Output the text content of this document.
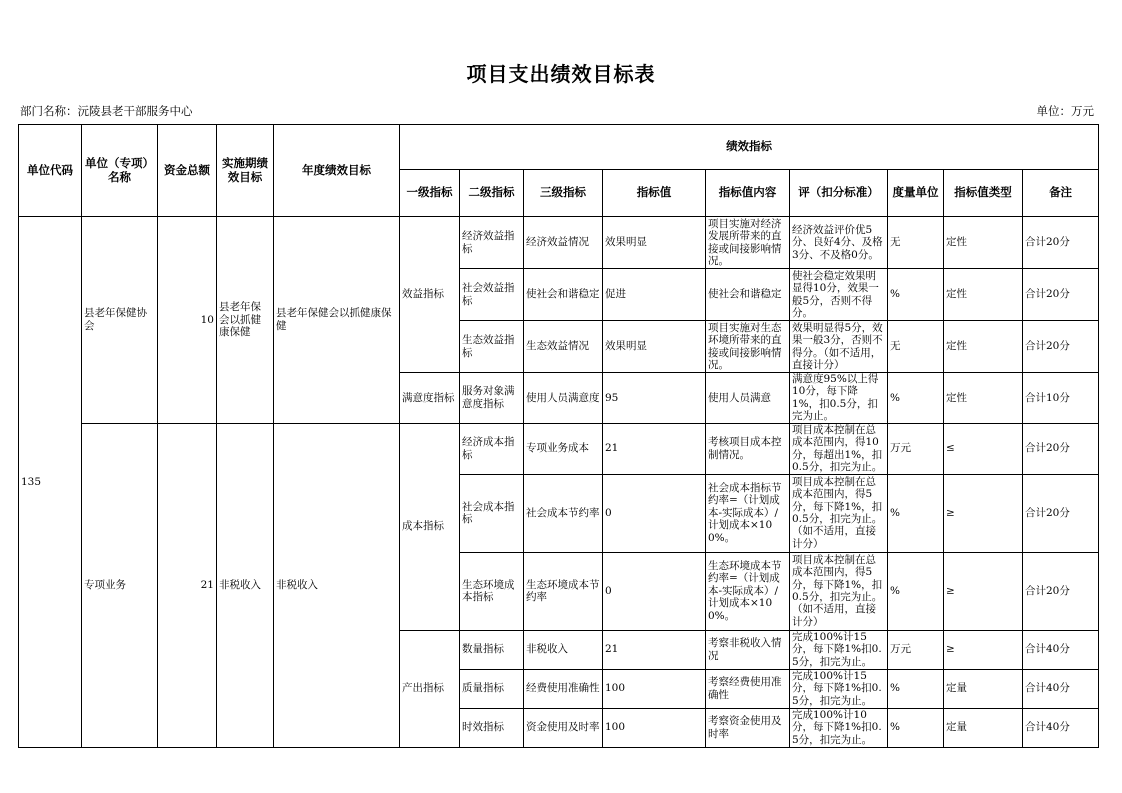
项目支出绩效目标表
部门名称：沅陵县老干部服务中心	单位：万元
单位代码	单位（专项）名称	资金总额	实施期绩效目标	年度绩效目标	绩效指标								
					一级指标	二级指标	三级指标	指标值	指标值内容	评（扣分标准）	度量单位	指标值类型	备注
135	县老年保健协会	10	县老年保会以抓健康保健	县老年保健会以抓健康保健	效益指标	经济效益指标	经济效益情况	效果明显	项目实施对经济发展所带来的直接或间接影响情况。	经济效益评价优5分、良好4分、及格3分、不及格0分。	无	定性	合计20分
						社会效益指标	使社会和谐稳定	促进	使社会和谐稳定	使社会稳定效果明显得10分，效果一般5分，否则不得分。	%	定性	合计20分
						生态效益指标	生态效益情况	效果明显	项目实施对生态环境所带来的直接或间接影响情况。	效果明显得5分，效果一般3分，否则不得分。（如不适用，直接计分）	无	定性	合计20分
					满意度指标	服务对象满意度指标	使用人员满意度	95	使用人员满意	满意度95%以上得10分，每下降1%，扣0.5分，扣完为止。	%	定性	合计10分
	专项业务	21	非税收入	非税收入	成本指标	经济成本指标	专项业务成本	21	考核项目成本控制情况。	项目成本控制在总成本范围内，得10分，每超出1%，扣0.5分，扣完为止。	万元	≤	合计20分
						社会成本指标	社会成本节约率	0	社会成本指标节约率=（计划成本-实际成本）/计划成本×100%。	项目成本控制在总成本范围内，得5分，每下降1%，扣0.5分，扣完为止。（如不适用，直接计分）	%	≥	合计20分
						生态环境成本指标	生态环境成本节约率	0	生态环境成本节约率=（计划成本-实际成本）/计划成本×100%。	项目成本控制在总成本范围内，得5分，每下降1%，扣0.5分，扣完为止。（如不适用，直接计分）	%	≥	合计20分
					产出指标	数量指标	非税收入	21	考察非税收入情况	完成100%计15分，每下降1%扣0.5分，扣完为止。	万元	≥	合计40分
						质量指标	经费使用准确性	100	考察经费使用准确性	完成100%计15分，每下降1%扣0.5分，扣完为止。	%	定量	合计40分
						时效指标	资金使用及时率	100	考察资金使用及时率	完成100%计10分，每下降1%扣0.5分，扣完为止。	%	定量	合计40分
